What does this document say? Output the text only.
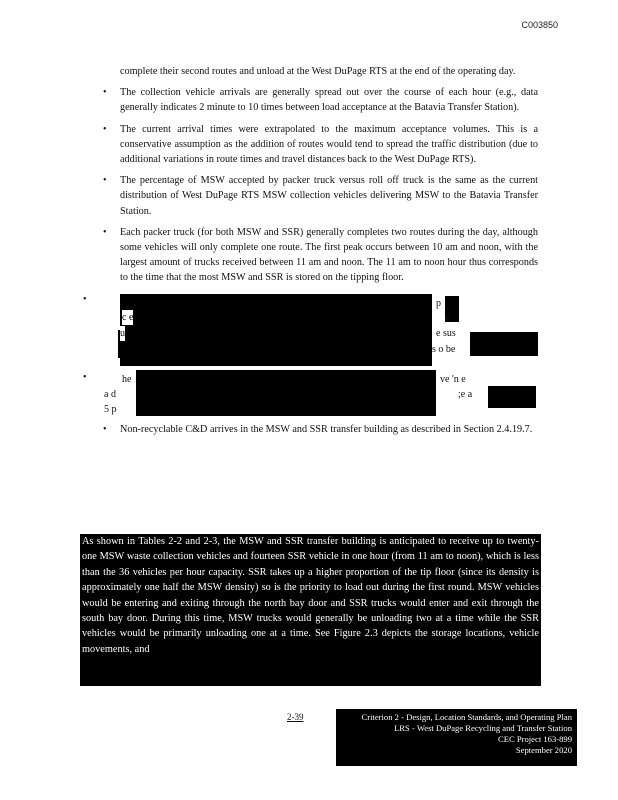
C003850

complete their second routes and unload at the West DuPage RTS at the end of the operating day.

• The collection vehicle arrivals are generally spread out over the course of each hour (e.g., data generally indicates 2 minute to 10 times between load acceptance at the Batavia Transfer Station).

• The current arrival times were extrapolated to the maximum acceptance volumes. This is a conservative assumption as the addition of routes would tend to spread the traffic distribution (due to additional variations in route times and travel distances back to the West DuPage RTS).

• The percentage of MSW accepted by packer truck versus roll off truck is the same as the current distribution of West DuPage RTS MSW collection vehicles delivering MSW to the Batavia Transfer Station.

• Each packer truck (for both MSW and SSR) generally completes two routes during the day, although some vehicles will only complete one route. The first peak occurs between 10 am and noon, with the largest amount of trucks received between 11 am and noon. The 11 am to noon hour thus corresponds to the time that the most MSW and SSR is stored on the tipping floor.

•	p
c e	e
u	e sus
s o be
•	he	ve 'n e
a d	;e a
5 p

• Non-recyclable C&D arrives in the MSW and SSR transfer building as described in Section 2.4.19.7.

As shown in Tables 2-2 and 2-3, the MSW and SSR transfer building is anticipated to receive up to twenty-one MSW waste collection vehicles and fourteen SSR vehicle in one hour (from 11 am to noon), which is less than the 36 vehicles per hour capacity. SSR takes up a higher proportion of the tip floor (since its density is approximately one half the MSW density) so is the priority to load out during the first round. MSW vehicles would be entering and exiting through the north bay door and SSR trucks would enter and exit through the south bay door. During this time, MSW trucks would generally be unloading two at a time while the SSR vehicles would be primarily unloading one at a time. See Figure 2.3 depicts the storage locations, vehicle movements, and
2-39	Criterion 2 - Design, Location Standards, and Operating Plan
LRS - West DuPage Recycling and Transfer Station
CEC Project 163-899
September 2020
